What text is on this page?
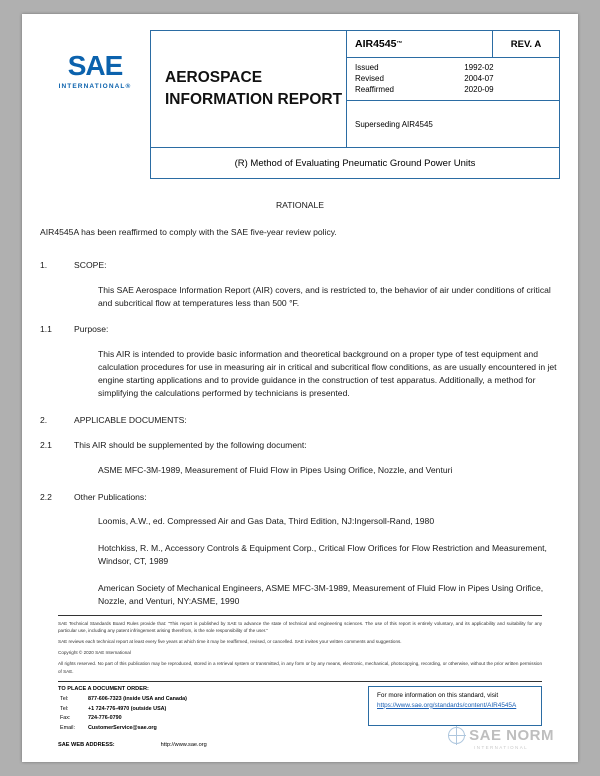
SAE
INTERNATIONAL®
AEROSPACE
INFORMATION REPORT
AIR4545 ™	REV. A
Issued	1992-02
Revised	2004-07
Reaffirmed	2020-09
Superseding AIR4545
(R) Method of Evaluating Pneumatic Ground Power Units
RATIONALE
AIR4545A has been reaffirmed to comply with the SAE five-year review policy.
1.	SCOPE:
This SAE Aerospace Information Report (AIR) covers, and is restricted to, the behavior of air under conditions of critical and subcritical flow at temperatures less than 500 °F.
1.1	Purpose:
This AIR is intended to provide basic information and theoretical background on a proper type of test equipment and calculation procedures for use in measuring air in critical and subcritical flow conditions, as are usually encountered in jet engine starting applications and to provide guidance in the construction of test apparatus. Additionally, a method for simplifying the calculations performed by technicians is presented.
2.	APPLICABLE DOCUMENTS:
2.1	This AIR should be supplemented by the following document:
ASME MFC-3M-1989, Measurement of Fluid Flow in Pipes Using Orifice, Nozzle, and Venturi
2.2	Other Publications:
Loomis, A.W., ed. Compressed Air and Gas Data, Third Edition, NJ:Ingersoll-Rand, 1980
Hotchkiss, R. M., Accessory Controls & Equipment Corp., Critical Flow Orifices for Flow Restriction and Measurement, Windsor, CT, 1989
American Society of Mechanical Engineers, ASME MFC-3M-1989, Measurement of Fluid Flow in Pipes Using Orifice, Nozzle, and Venturi, NY:ASME, 1990

SAE Technical Standards Board Rules provide that: "This report is published by SAE to advance the state of technical and engineering sciences. The use of this report is entirely voluntary, and its applicability and suitability for any particular use, including any patent infringement arising therefrom, is the sole responsibility of the user."

SAE reviews each technical report at least every five years at which time it may be reaffirmed, revised, or cancelled. SAE invites your written comments and suggestions.

Copyright © 2020 SAE International

All rights reserved. No part of this publication may be reproduced, stored in a retrieval system or transmitted, in any form or by any means, electronic, mechanical, photocopying, recording, or otherwise, without the prior written permission of SAE.

TO PLACE A DOCUMENT ORDER:
Tel:	877-606-7323 (inside USA and Canada)
Tel:	+1 724-776-4970 (outside USA)
Fax:	724-776-0790
Email:	CustomerService@sae.org
SAE WEB ADDRESS:	http://www.sae.org
For more information on this standard, visit
https://www.sae.org/standards/content/AIR4545A
SAE NORM
INTERNATIONAL
